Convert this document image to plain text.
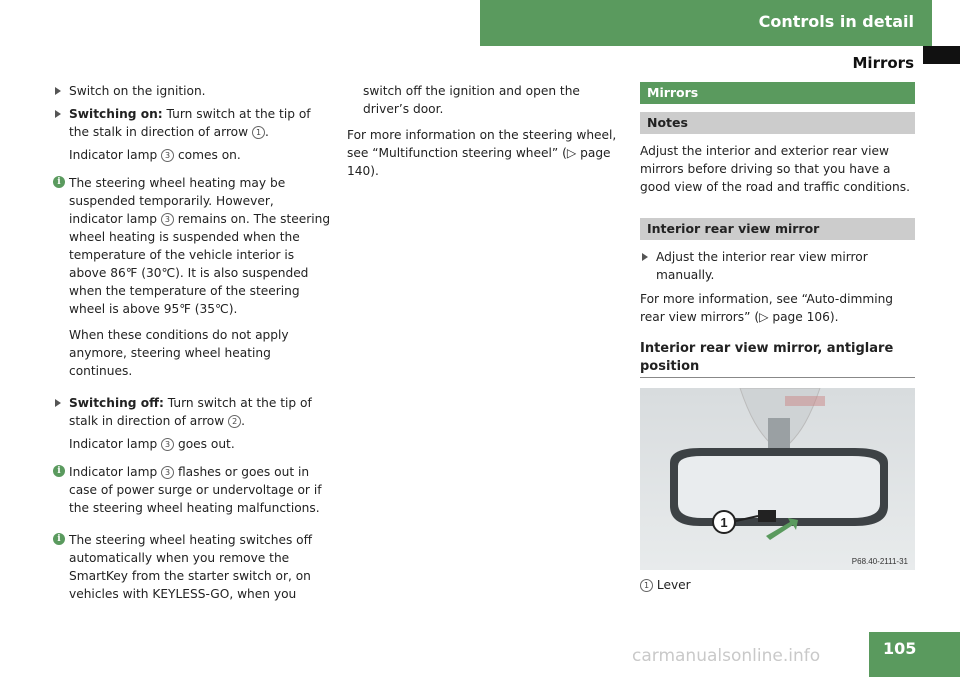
Controls in detail
Mirrors
Switch on the ignition.
Switching on: Turn switch at the tip of the stalk in direction of arrow 1 .

Indicator lamp 3 comes on.

i The steering wheel heating may be suspended temporarily. However, indicator lamp 3 remains on. The steering wheel heating is suspended when the temperature of the vehicle interior is above 86℉ (30℃). It is also suspended when the temperature of the steering wheel is above 95℉ (35℃).

When these conditions do not apply anymore, steering wheel heating continues.

Switching off: Turn switch at the tip of stalk in direction of arrow 2 .

Indicator lamp 3 goes out.

i Indicator lamp 3 flashes or goes out in case of power surge or undervoltage or if the steering wheel heating malfunctions.

i The steering wheel heating switches off automatically when you remove the SmartKey from the starter switch or, on vehicles with KEYLESS-GO, when you

switch off the ignition and open the driver’s door.

For more information on the steering wheel, see “Multifunction steering wheel” (▷ page 140).

Mirrors
Notes

Adjust the interior and exterior rear view mirrors before driving so that you have a good view of the road and traffic conditions.

Interior rear view mirror
Adjust the interior rear view mirror manually.

For more information, see “Auto-dimming rear view mirrors” (▷ page 106).

Interior rear view mirror, antiglare position
1
P68.40-2111-31

1 Lever

105
carmanualsonline.info
